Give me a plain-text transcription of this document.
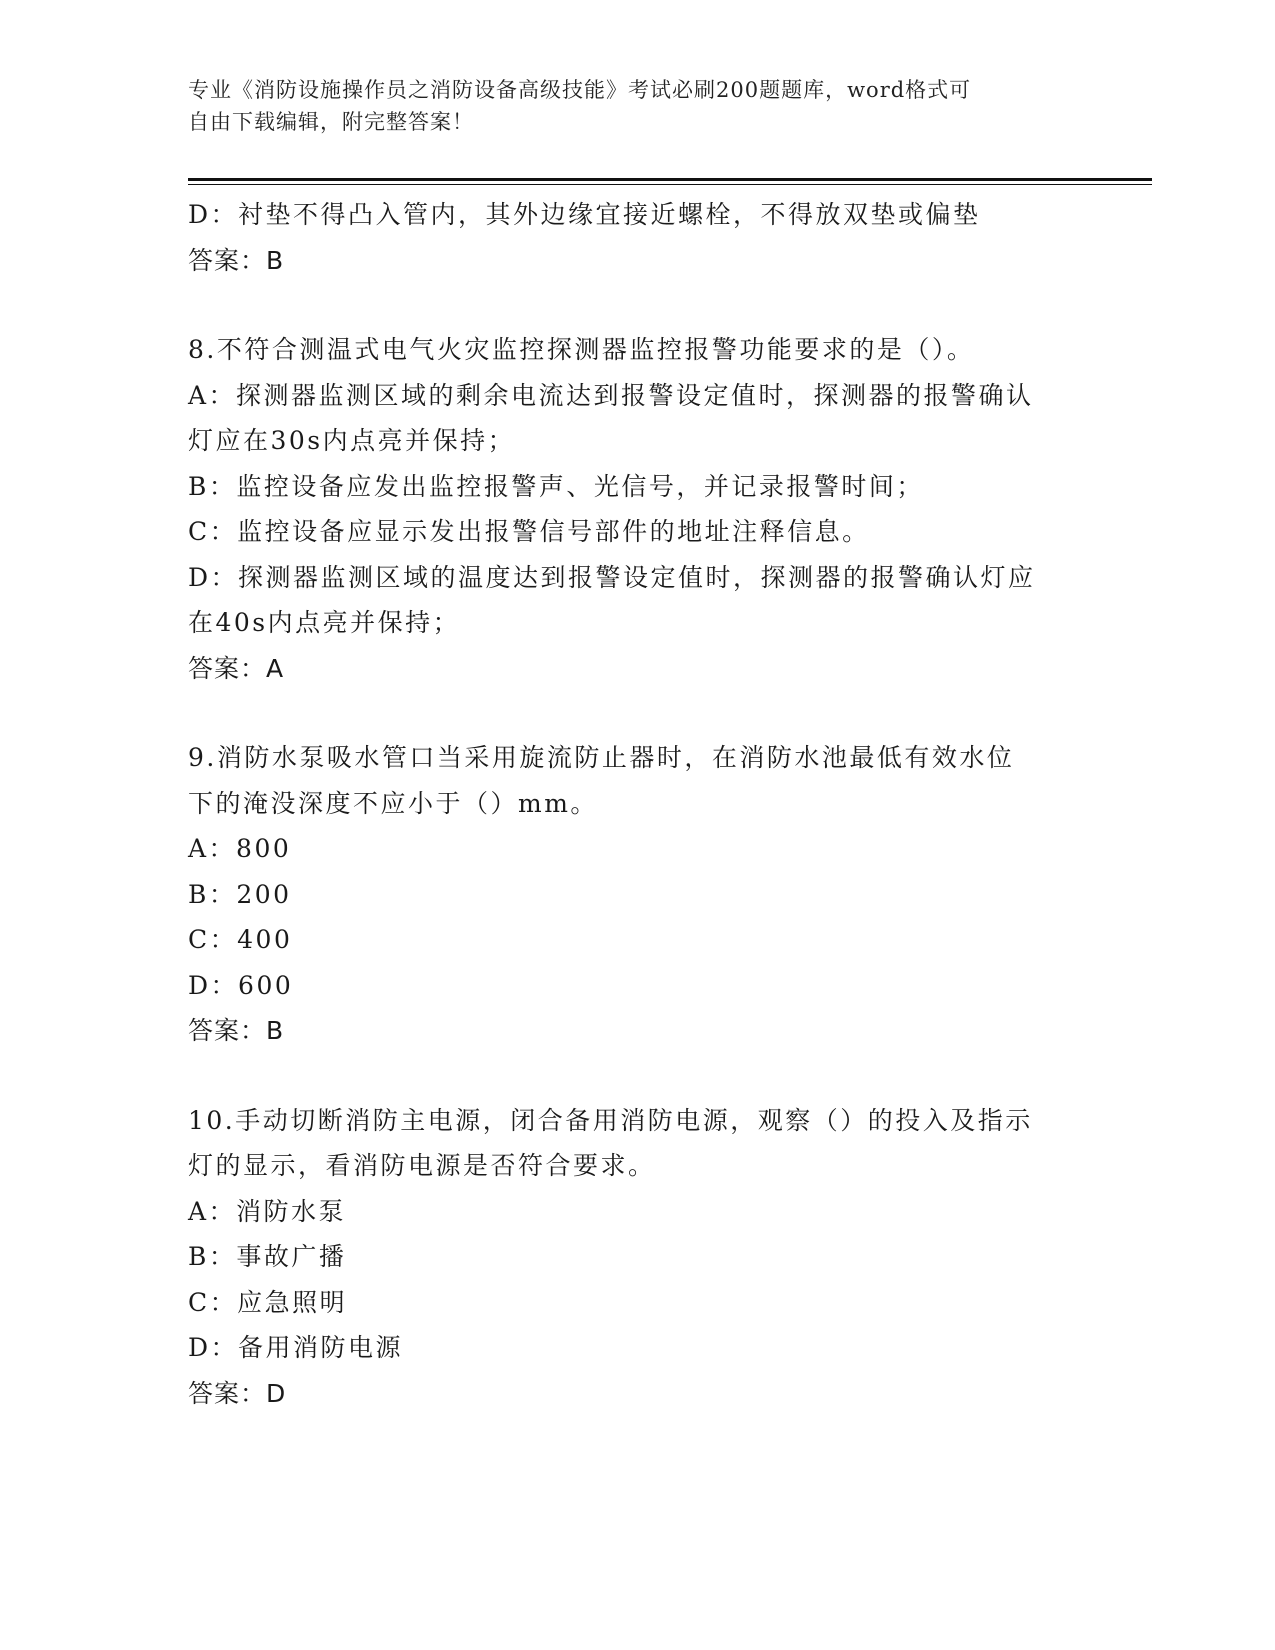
专业《消防设施操作员之消防设备高级技能》考试必刷200题题库，word格式可
自由下载编辑，附完整答案！
D：衬垫不得凸入管内，其外边缘宜接近螺栓，不得放双垫或偏垫
答案：B
8.不符合测温式电气火灾监控探测器监控报警功能要求的是（）。
A：探测器监测区域的剩余电流达到报警设定值时，探测器的报警确认
灯应在30s内点亮并保持；
B：监控设备应发出监控报警声、光信号，并记录报警时间；
C：监控设备应显示发出报警信号部件的地址注释信息。
D：探测器监测区域的温度达到报警设定值时，探测器的报警确认灯应
在40s内点亮并保持；
答案：A
9.消防水泵吸水管口当采用旋流防止器时，在消防水池最低有效水位
下的淹没深度不应小于（）mm。
A：800
B：200
C：400
D：600
答案：B
10.手动切断消防主电源，闭合备用消防电源，观察（）的投入及指示
灯的显示，看消防电源是否符合要求。
A：消防水泵
B：事故广播
C：应急照明
D：备用消防电源
答案：D
